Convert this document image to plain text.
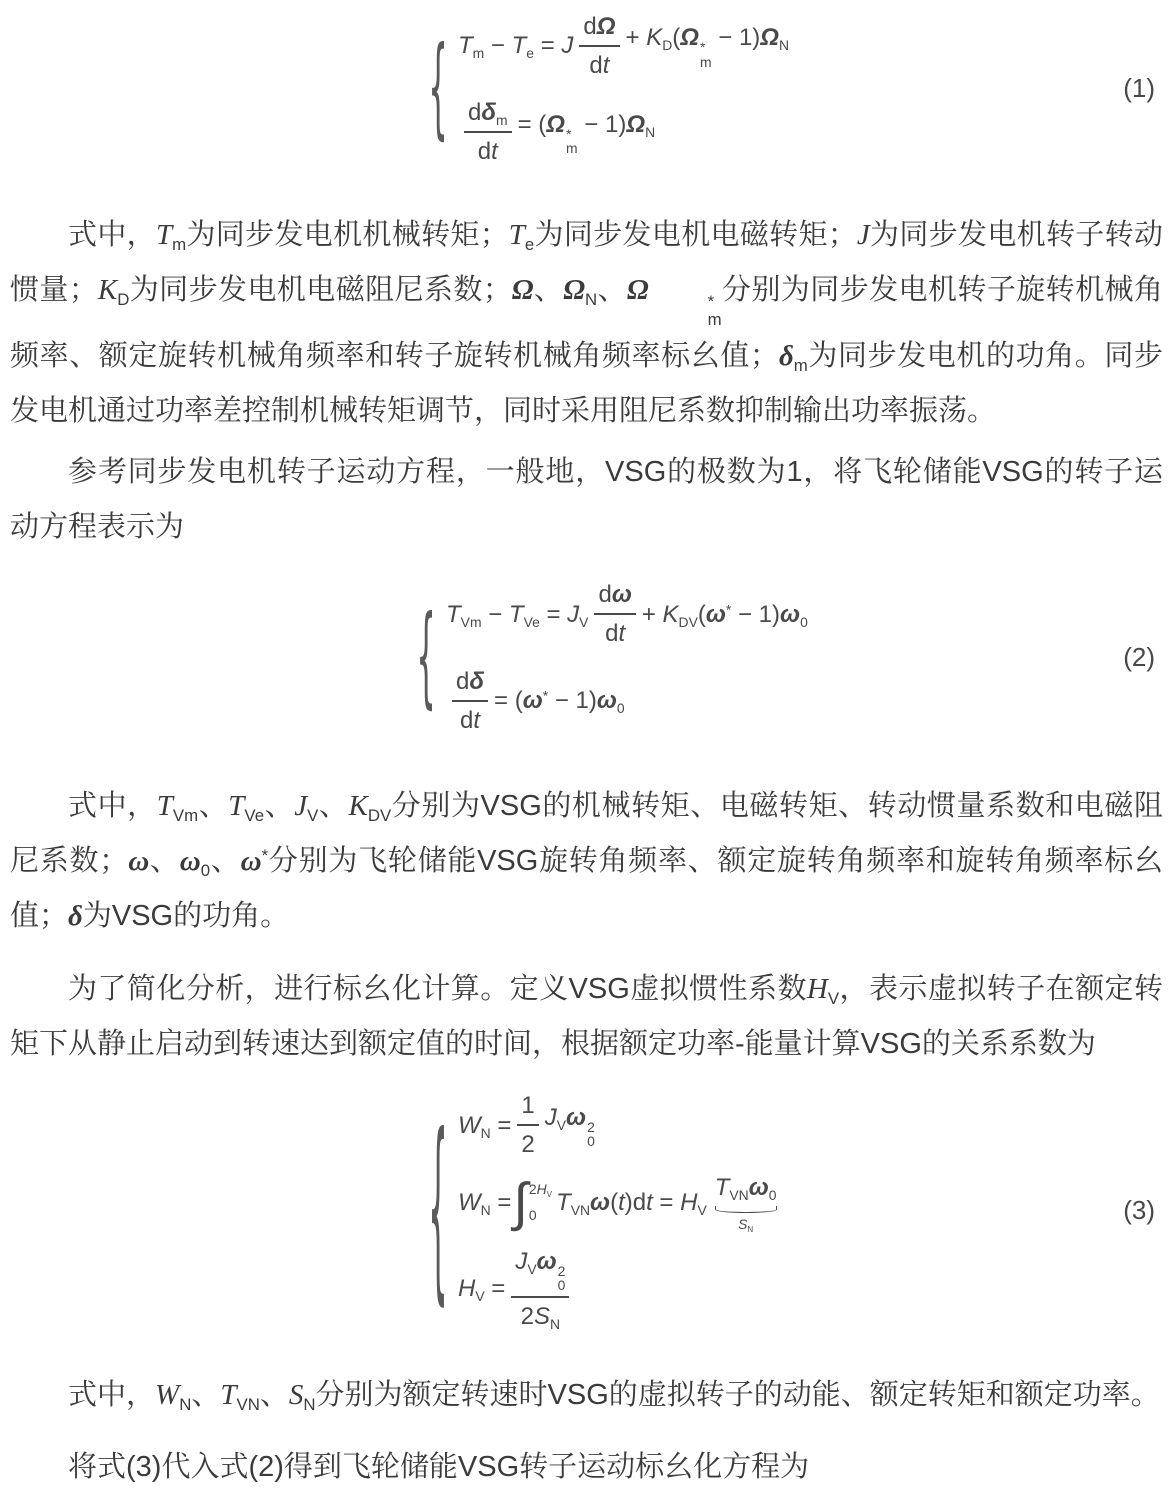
{ $T_m - T_e = J \frac{d\Omega}{dt} + K_D(\Omega$ *
m
− $1)\Omega_N$
$\frac{d\delta_m}{dt} = (\Omega$ *
m
− $1)\Omega_N$
(1)
式中，$T_m$为同步发电机机械转矩；$T_e$为同步发电机电磁转矩；J为同步发电机转子转动惯量；$K_D$为同步发电机电磁阻尼系数；Ω、$\Omega_N$、Ω	*
m
分别为同步发电机转子旋转机械角频率、额定旋转机械角频率和转子旋转机械角频率标幺值；$\delta_m$为同步发电机的功角。同步发电机通过功率差控制机械转矩调节，同时采用阻尼系数抑制输出功率振荡。
参考同步发电机转子运动方程，一般地，VSG的极数为1，将飞轮储能VSG的转子运动方程表示为
{ $T_{Vm} - T_{Ve} = J_V \frac{d\omega}{dt} + K_{DV}(\omega^* - 1)\omega_0$
$\frac{d\delta}{dt} = (\omega^* - 1)\omega_0$
(2)
式中，$T_{Vm}$、$T_{Ve}$、$J_V$、$K_{DV}$分别为VSG的机械转矩、电磁转矩、转动惯量系数和电磁阻尼系数；ω、$\omega_0$、ω*分别为飞轮储能VSG旋转角频率、额定旋转角频率和旋转角频率标幺值；δ为VSG的功角。
为了简化分析，进行标幺化计算。定义VSG虚拟惯性系数$H_V$，表示虚拟转子在额定转矩下从静止启动到转速达到额定值的时间，根据额定功率-能量计算VSG的关系系数为
{ $W_N = \frac{1}{2} J_V\omega$ 2
0
$W_N$ = ∫ $2H_V$
0 $T_{VN}\omega(t)dt = H_V$
$T_{VN}\omega_0$
$S_N$
$H_V = J_V\omega$ 2
0
$2S_N$
(3)
式中，$W_N$、$T_{VN}$、$S_N$分别为额定转速时VSG的虚拟转子的动能、额定转矩和额定功率。
将式(3)代入式(2)得到飞轮储能VSG转子运动标幺化方程为
